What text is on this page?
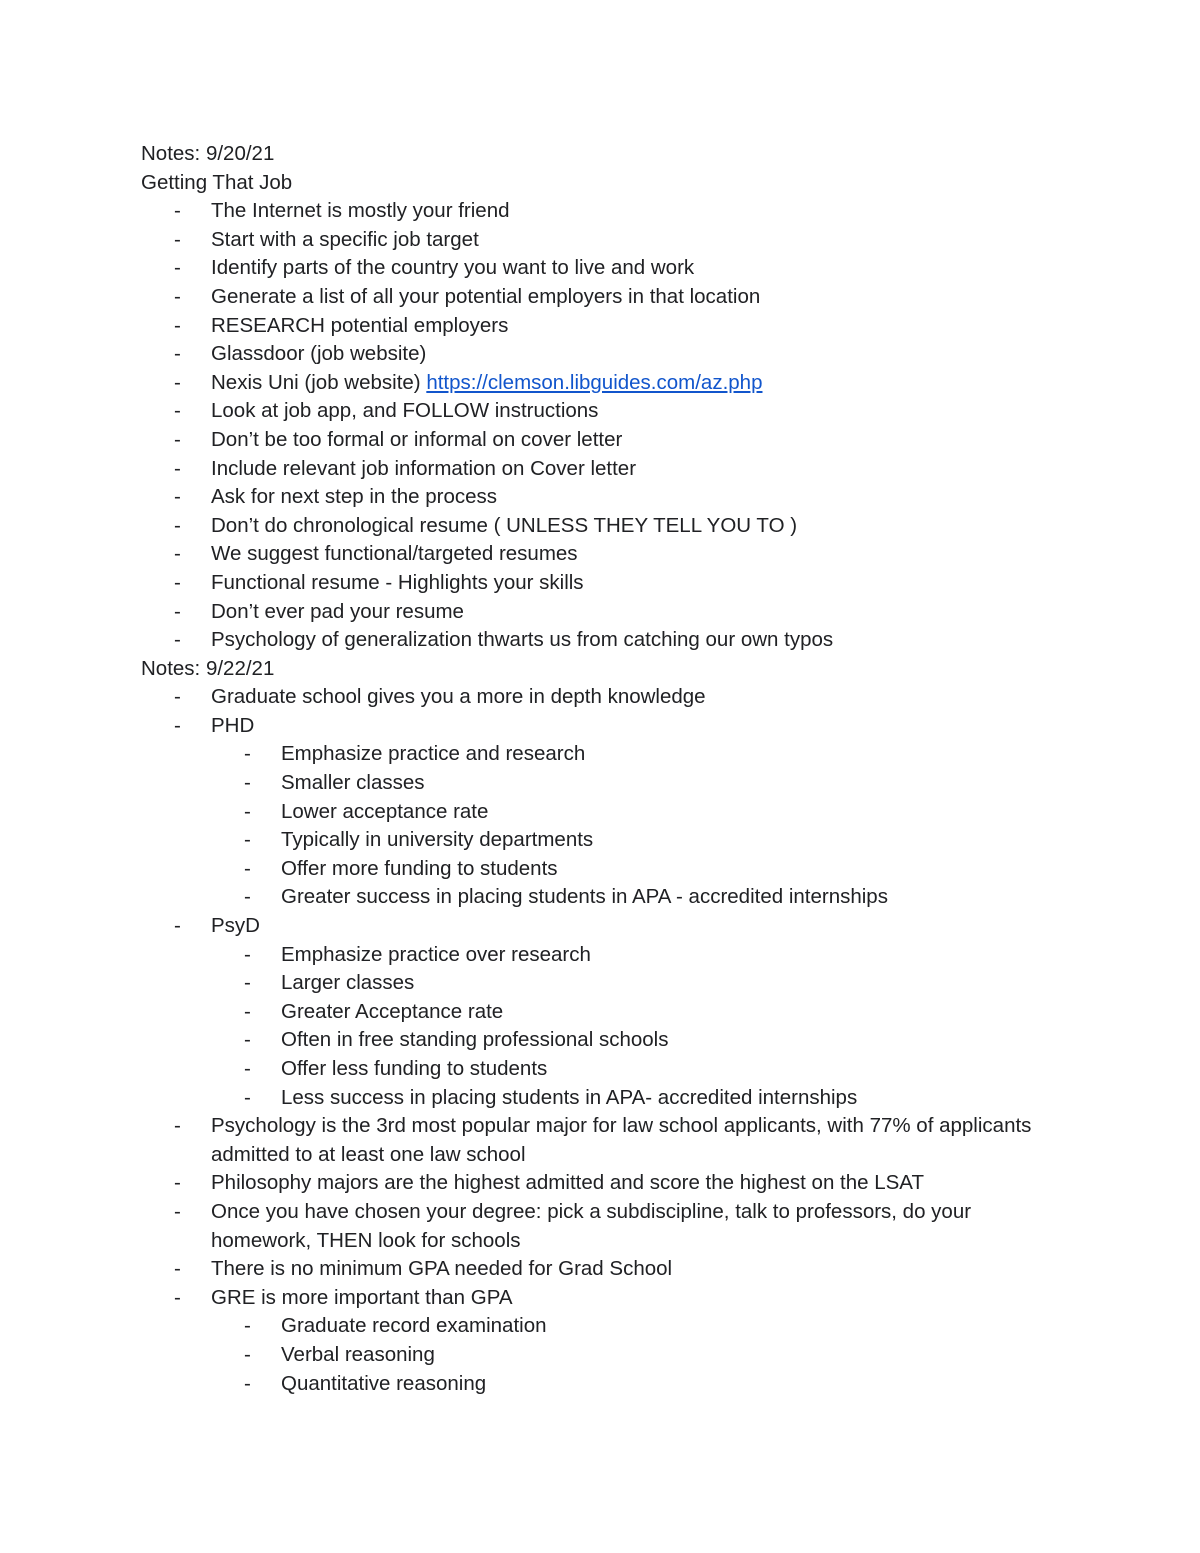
Notes: 9/20/21
Getting That Job
- The Internet is mostly your friend
- Start with a specific job target
- Identify parts of the country you want to live and work
- Generate a list of all your potential employers in that location
- RESEARCH potential employers
- Glassdoor (job website)
- Nexis Uni (job website) https://clemson.libguides.com/az.php
- Look at job app, and FOLLOW instructions
- Don’t be too formal or informal on cover letter
- Include relevant job information on Cover letter
- Ask for next step in the process
- Don’t do chronological resume ( UNLESS THEY TELL YOU TO )
- We suggest functional/targeted resumes
- Functional resume - Highlights your skills
- Don’t ever pad your resume
- Psychology of generalization thwarts us from catching our own typos
Notes: 9/22/21
- Graduate school gives you a more in depth knowledge
- PHD
- Emphasize practice and research
- Smaller classes
- Lower acceptance rate
- Typically in university departments
- Offer more funding to students
- Greater success in placing students in APA - accredited internships
- PsyD
- Emphasize practice over research
- Larger classes
- Greater Acceptance rate
- Often in free standing professional schools
- Offer less funding to students
- Less success in placing students in APA- accredited internships
- Psychology is the 3rd most popular major for law school applicants, with 77% of applicants admitted to at least one law school
- Philosophy majors are the highest admitted and score the highest on the LSAT
- Once you have chosen your degree: pick a subdiscipline, talk to professors, do your homework, THEN look for schools
- There is no minimum GPA needed for Grad School
- GRE is more important than GPA
- Graduate record examination
- Verbal reasoning
- Quantitative reasoning
